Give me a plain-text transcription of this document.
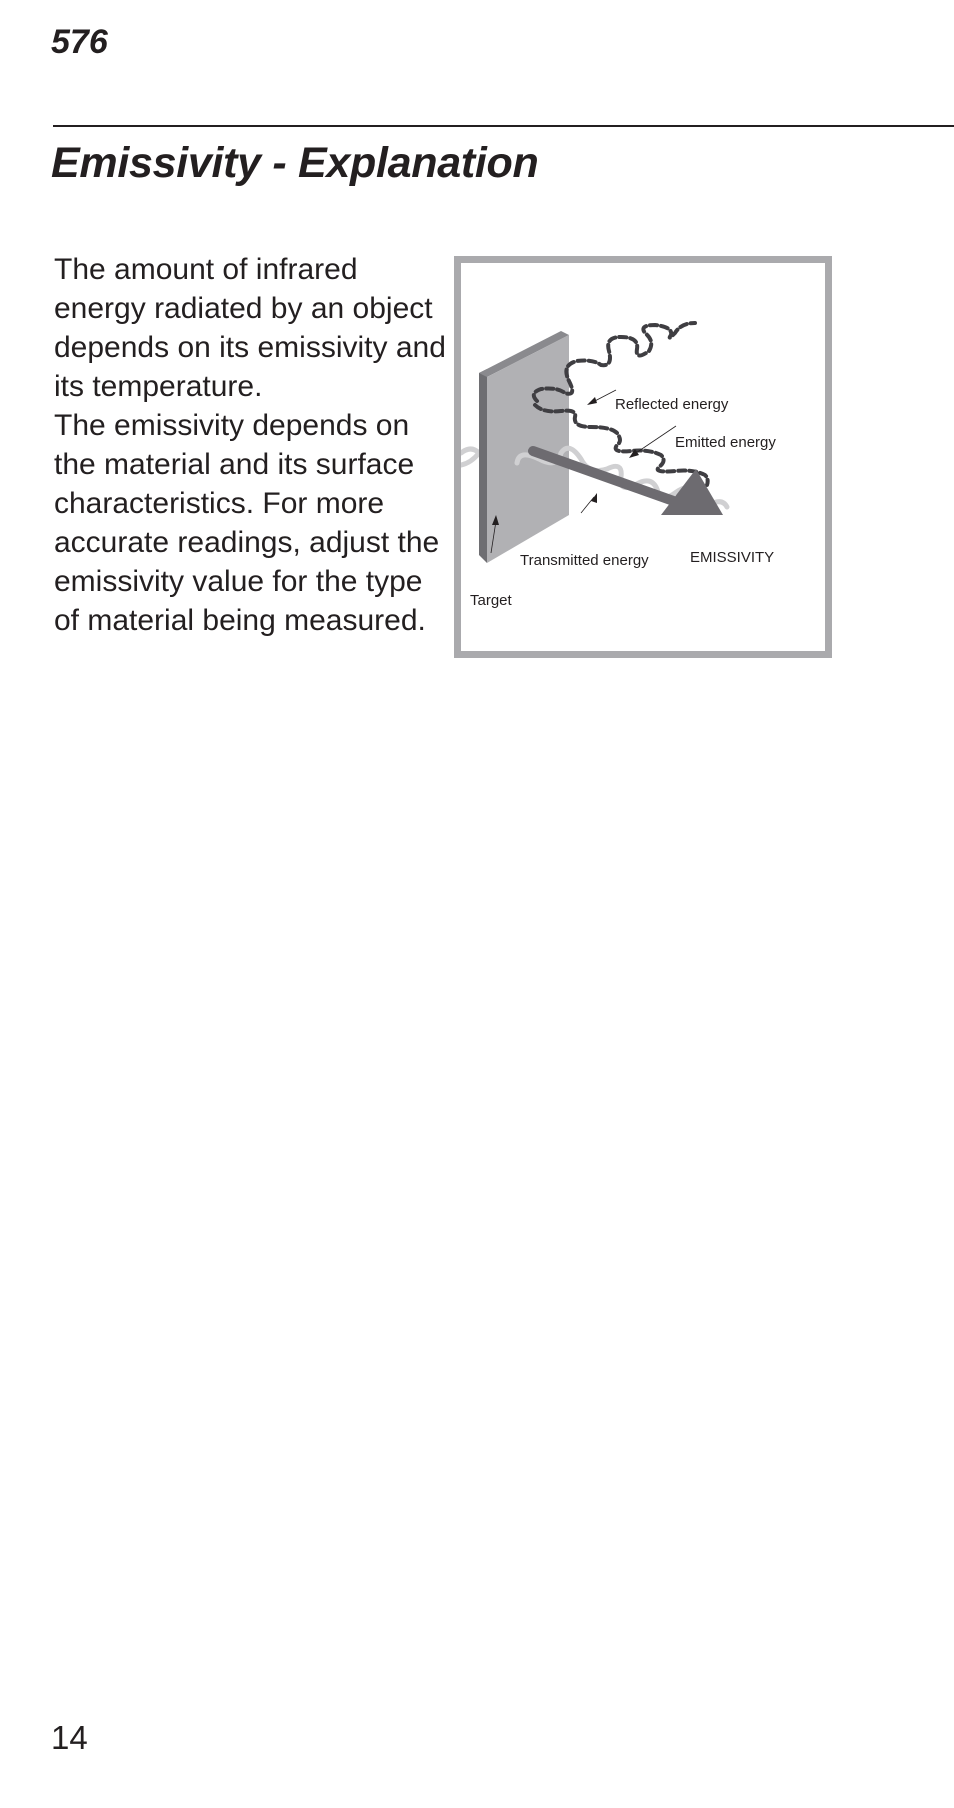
576
Emissivity - Explanation

The amount of infrared energy radiated by an object depends on its emissivity and its temperature.

The emissivity depends on the material and its surface characteristics. For more accurate readings, adjust the emissivity value for the type of material being measured.

Reflected energy
Emitted energy
Transmitted energy	EMISSIVITY
Target
14
